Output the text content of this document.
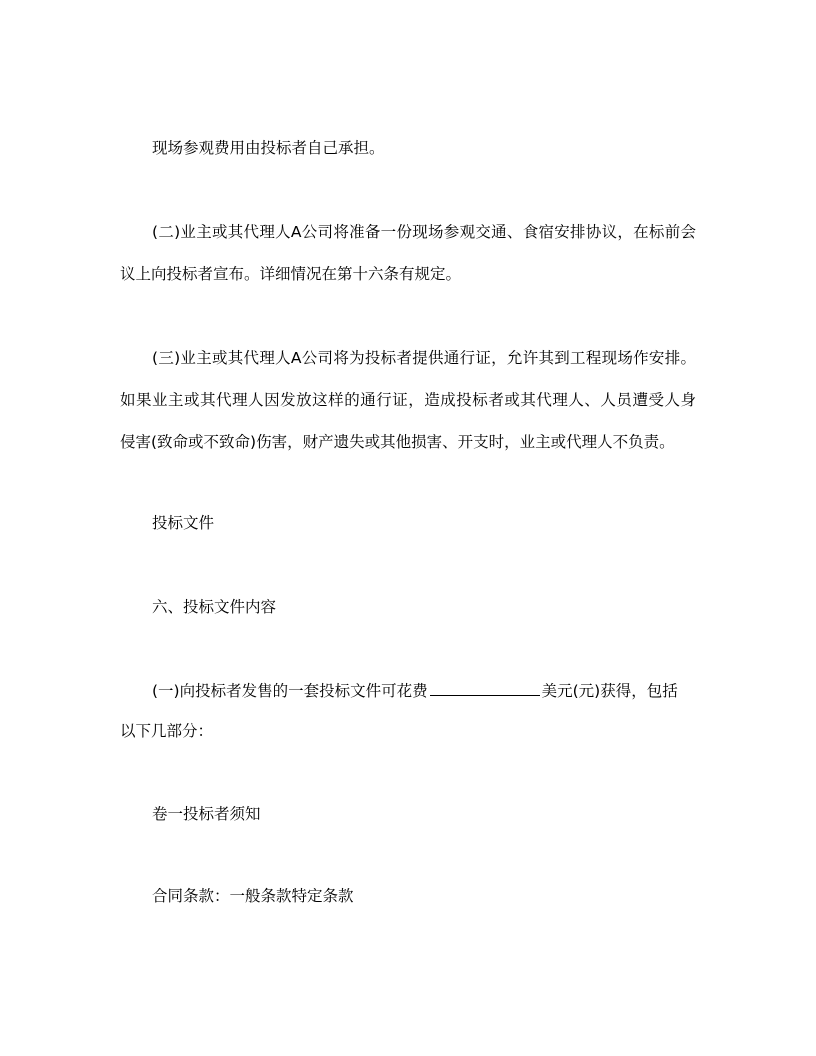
现场参观费用由投标者自己承担。
(二)业主或其代理人A公司将准备一份现场参观交通、食宿安排协议，在标前会
议上向投标者宣布。详细情况在第十六条有规定。
(三)业主或其代理人A公司将为投标者提供通行证，允许其到工程现场作安排。
如果业主或其代理人因发放这样的通行证，造成投标者或其代理人、人员遭受人身
侵害(致命或不致命)伤害，财产遗失或其他损害、开支时，业主或代理人不负责。
投标文件
六、投标文件内容
(一)向投标者发售的一套投标文件可花费	美元(元)获得，包括
以下几部分：
卷一投标者须知
合同条款：一般条款特定条款
